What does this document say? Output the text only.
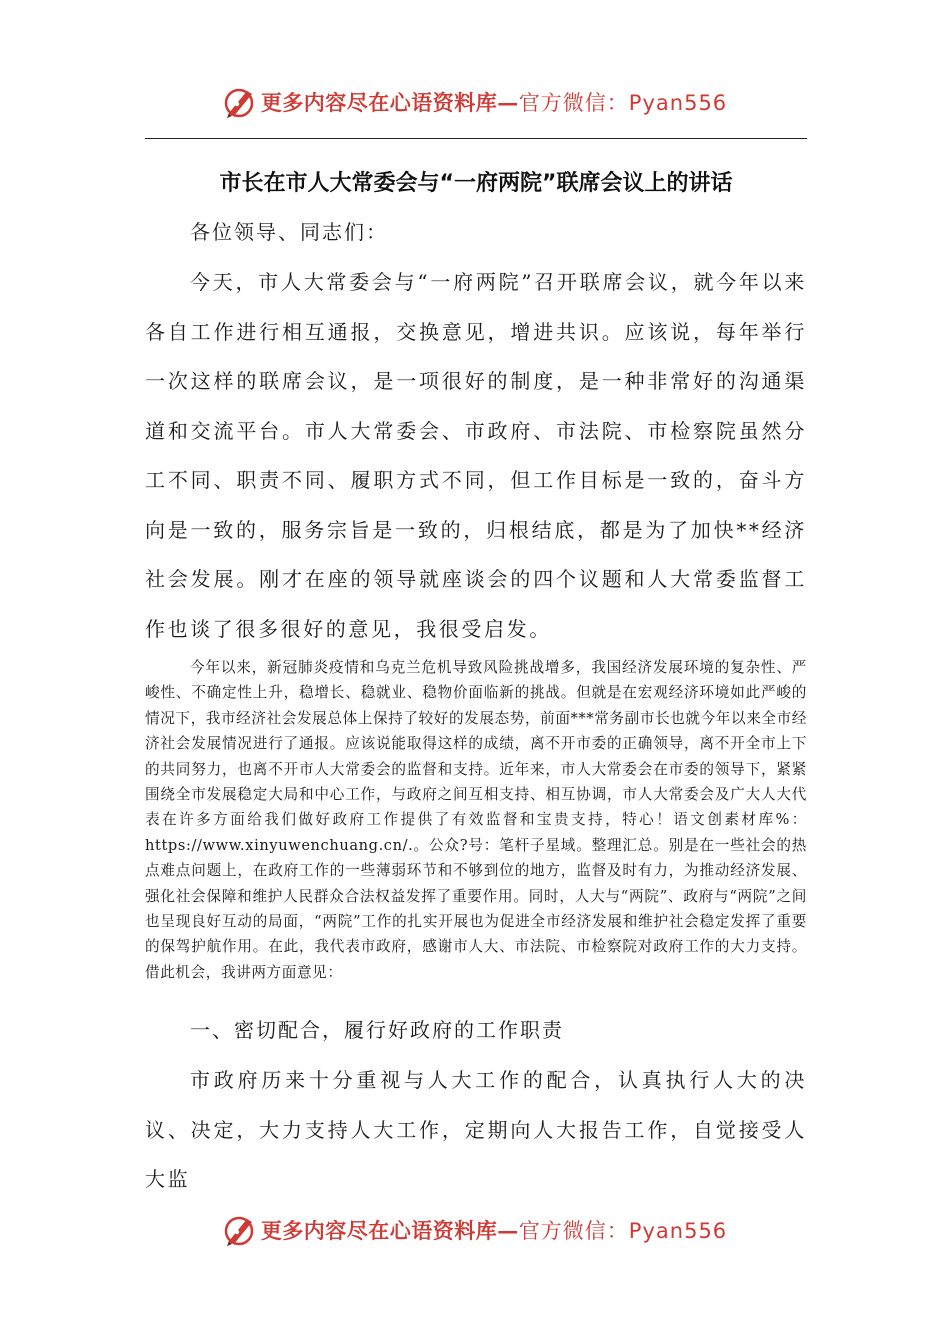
更多内容尽在心语资料库— 官方微信：Pyan556
市长在市人大常委会与“一府两院”联席会议上的讲话

各位领导、同志们：

今天，市人大常委会与“一府两院”召开联席会议，就今年以来各自工作进行相互通报，交换意见，增进共识。应该说，每年举行一次这样的联席会议，是一项很好的制度，是一种非常好的沟通渠道和交流平台。市人大常委会、市政府、市法院、市检察院虽然分工不同、职责不同、履职方式不同，但工作目标是一致的，奋斗方向是一致的，服务宗旨是一致的，归根结底，都是为了加快**经济社会发展。刚才在座的领导就座谈会的四个议题和人大常委监督工作也谈了很多很好的意见，我很受启发。

今年以来，新冠肺炎疫情和乌克兰危机导致风险挑战增多，我国经济发展环境的复杂性、严峻性、不确定性上升，稳增长、稳就业、稳物价面临新的挑战。但就是在宏观经济环境如此严峻的情况下，我市经济社会发展总体上保持了较好的发展态势，前面***常务副市长也就今年以来全市经济社会发展情况进行了通报。应该说能取得这样的成绩，离不开市委的正确领导，离不开全市上下的共同努力，也离不开市人大常委会的监督和支持。近年来，市人大常委会在市委的领导下，紧紧围绕全市发展稳定大局和中心工作，与政府之间互相支持、相互协调，市人大常委会及广大人大代表在许多方面给我们做好政府工作提供了有效监督和宝贵支持，特心！语文创素材库%：https://www.xinyuwenchuang.cn/.。公众?号：笔杆子星域。整理汇总。别是在一些社会的热点难点问题上，在政府工作的一些薄弱环节和不够到位的地方，监督及时有力，为推动经济发展、强化社会保障和维护人民群众合法权益发挥了重要作用。同时，人大与“两院”、政府与“两院”之间也呈现良好互动的局面，“两院”工作的扎实开展也为促进全市经济发展和维护社会稳定发挥了重要的保驾护航作用。在此，我代表市政府，感谢市人大、市法院、市检察院对政府工作的大力支持。借此机会，我讲两方面意见：

一、密切配合，履行好政府的工作职责

市政府历来十分重视与人大工作的配合，认真执行人大的决议、决定，大力支持人大工作，定期向人大报告工作，自觉接受人大监

更多内容尽在心语资料库— 官方微信：Pyan556
